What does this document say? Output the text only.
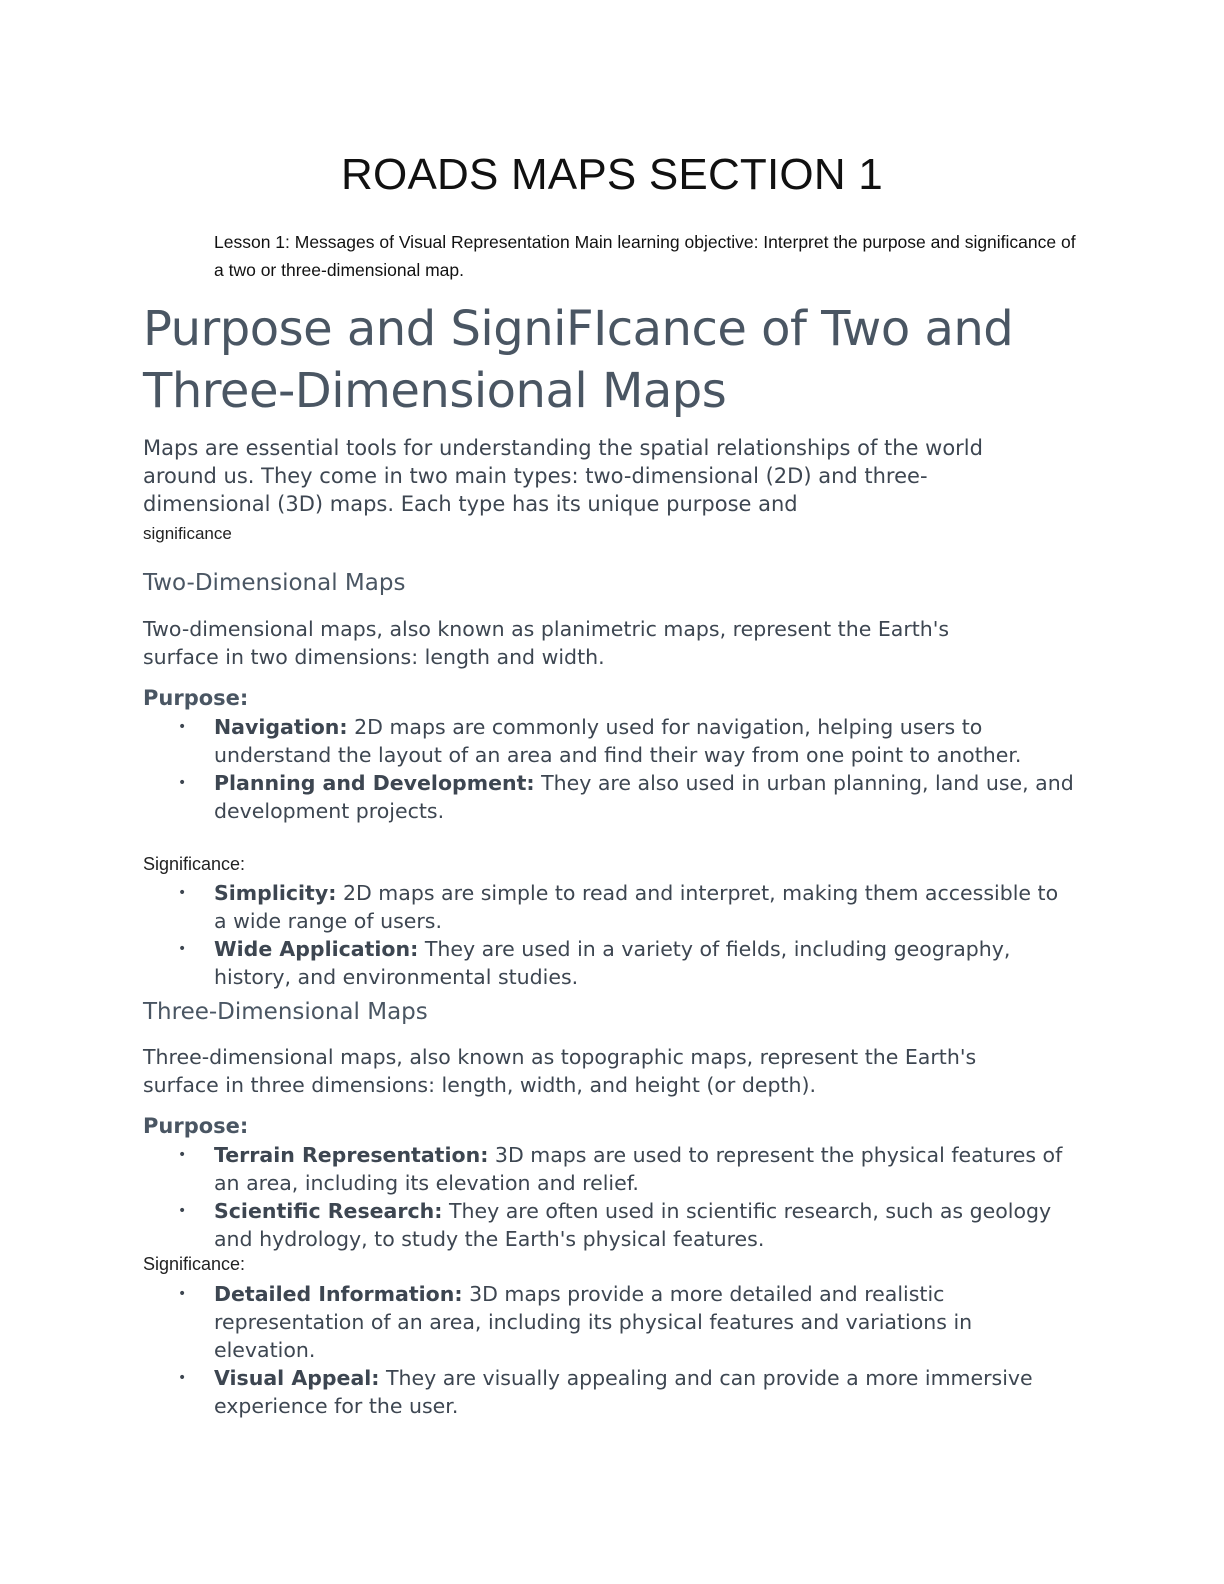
ROADS MAPS SECTION 1
Lesson 1: Messages of Visual Representation Main learning objective: Interpret the purpose and significance of a two or three-dimensional map.
Purpose and SigniFIcance of Two and
Three-Dimensional Maps
Maps are essential tools for understanding the spatial relationships of the world around us. They come in two main types: two-dimensional (2D) and three-dimensional (3D) maps. Each type has its unique purpose and
significance
Two-Dimensional Maps
Two-dimensional maps, also known as planimetric maps, represent the Earth's surface in two dimensions: length and width.
Purpose:
• Navigation: 2D maps are commonly used for navigation, helping users to understand the layout of an area and find their way from one point to another.
• Planning and Development: They are also used in urban planning, land use, and development projects.
Significance:
• Simplicity: 2D maps are simple to read and interpret, making them accessible to a wide range of users.
• Wide Application: They are used in a variety of fields, including geography, history, and environmental studies.
Three-Dimensional Maps
Three-dimensional maps, also known as topographic maps, represent the Earth's surface in three dimensions: length, width, and height (or depth).
Purpose:
• Terrain Representation: 3D maps are used to represent the physical features of an area, including its elevation and relief.
• Scientific Research: They are often used in scientific research, such as geology and hydrology, to study the Earth's physical features.
Significance:
• Detailed Information: 3D maps provide a more detailed and realistic representation of an area, including its physical features and variations in elevation.
• Visual Appeal: They are visually appealing and can provide a more immersive experience for the user.
